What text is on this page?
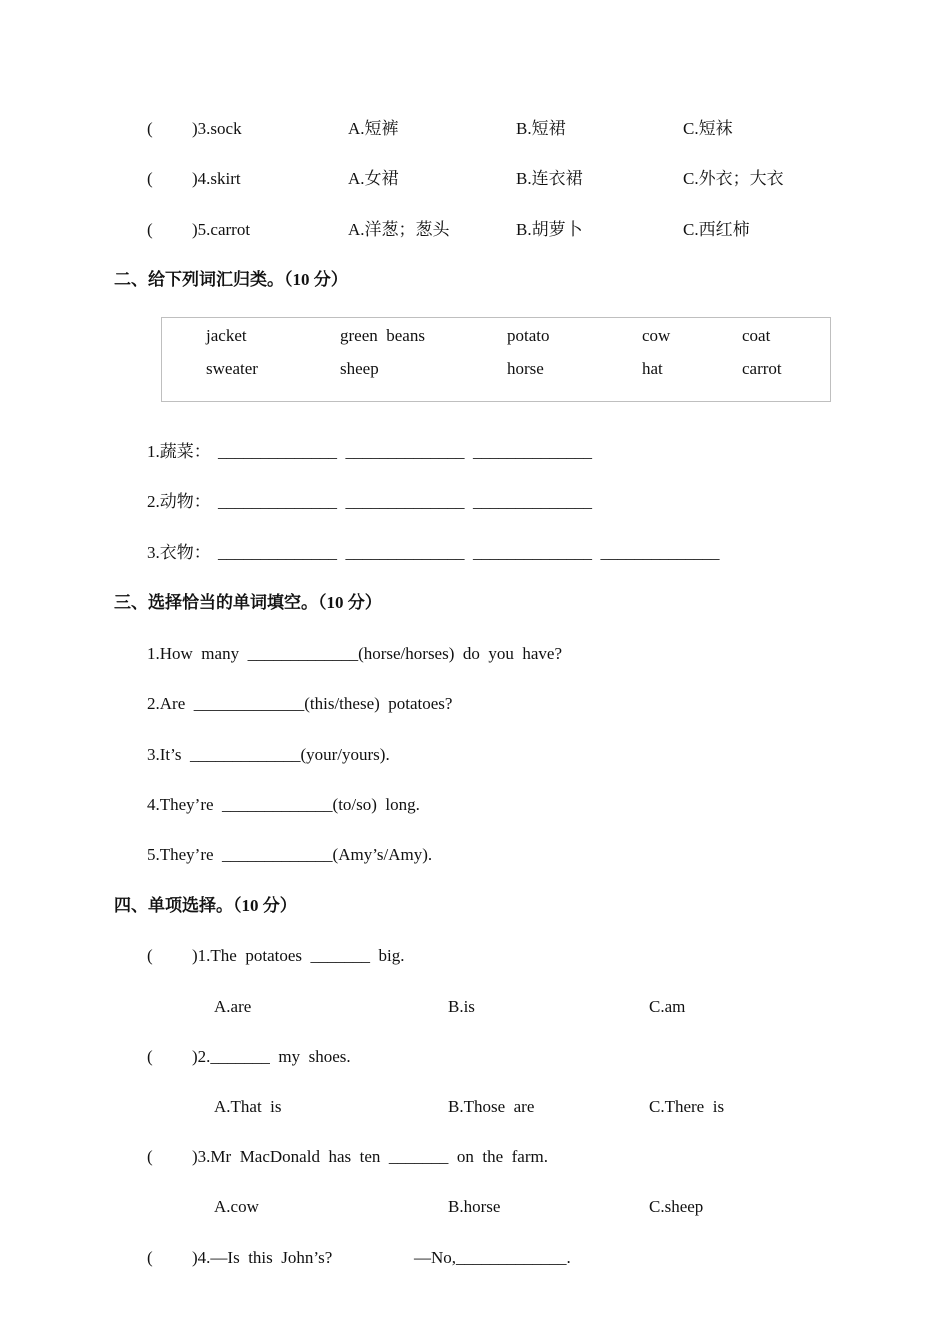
( )3.sock	A.短裤	B.短裙	C.短袜
( )4.skirt	A.女裙	B.连衣裙	C.外衣；大衣
( )5.carrot	A.洋葱；葱头	B.胡萝卜	C.西红柿
二、给下列词汇归类。（10 分）
jacket	green  beans	potato	cow	coat
sweater	sheep	horse	hat	carrot
1.蔬菜： ______________  ______________  ______________
2.动物： ______________  ______________  ______________
3.衣物： ______________  ______________  ______________  ______________
三、选择恰当的单词填空。（10 分）
1.How  many  _____________(horse/horses)  do  you  have?
2.Are  _____________(this/these)  potatoes?
3.It’s  _____________(your/yours).
4.They’re  _____________(to/so)  long.
5.They’re  _____________(Amy’s/Amy).
四、单项选择。（10 分）
( )1.The  potatoes  _______  big.
A.are	B.is	C.am
( )2._______  my  shoes.
A.That  is	B.Those  are	C.There  is
( )3.Mr  MacDonald  has  ten  _______  on  the  farm.
A.cow	B.horse	C.sheep
( )4.—Is  this  John’s?	—No,_____________.
